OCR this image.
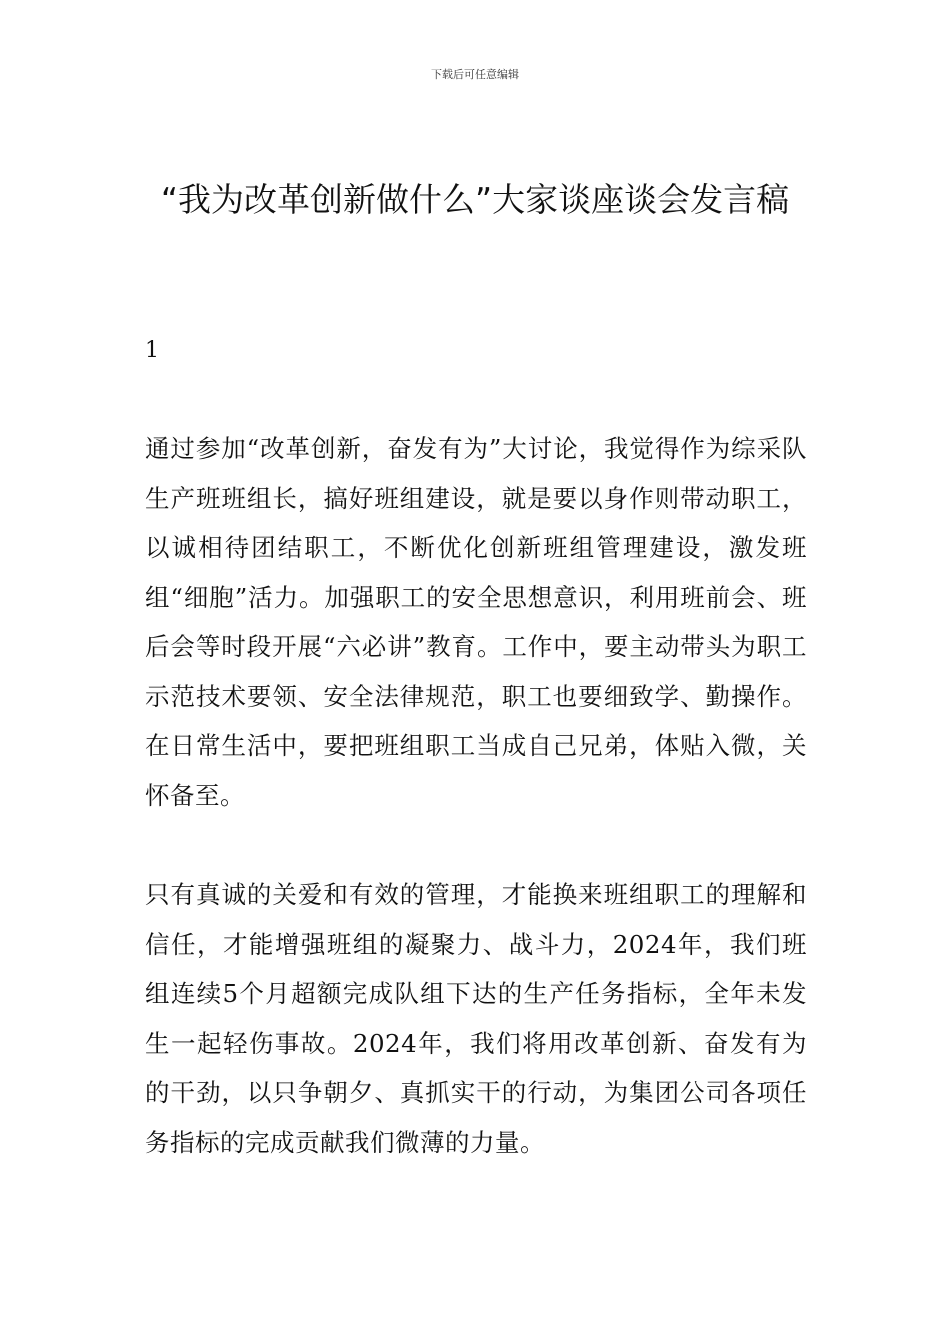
下载后可任意编辑
“我为改革创新做什么”大家谈座谈会发言稿
1

通过参加“改革创新，奋发有为”大讨论，我觉得作为综采队生产班班组长，搞好班组建设，就是要以身作则带动职工，以诚相待团结职工，不断优化创新班组管理建设，激发班组“细胞”活力。加强职工的安全思想意识，利用班前会、班后会等时段开展“六必讲”教育。工作中，要主动带头为职工示范技术要领、安全法律规范，职工也要细致学、勤操作。在日常生活中，要把班组职工当成自己兄弟，体贴入微，关怀备至。

只有真诚的关爱和有效的管理，才能换来班组职工的理解和信任，才能增强班组的凝聚力、战斗力，2024年，我们班组连续5个月超额完成队组下达的生产任务指标，全年未发生一起轻伤事故。2024年，我们将用改革创新、奋发有为的干劲，以只争朝夕、真抓实干的行动，为集团公司各项任务指标的完成贡献我们微薄的力量。
